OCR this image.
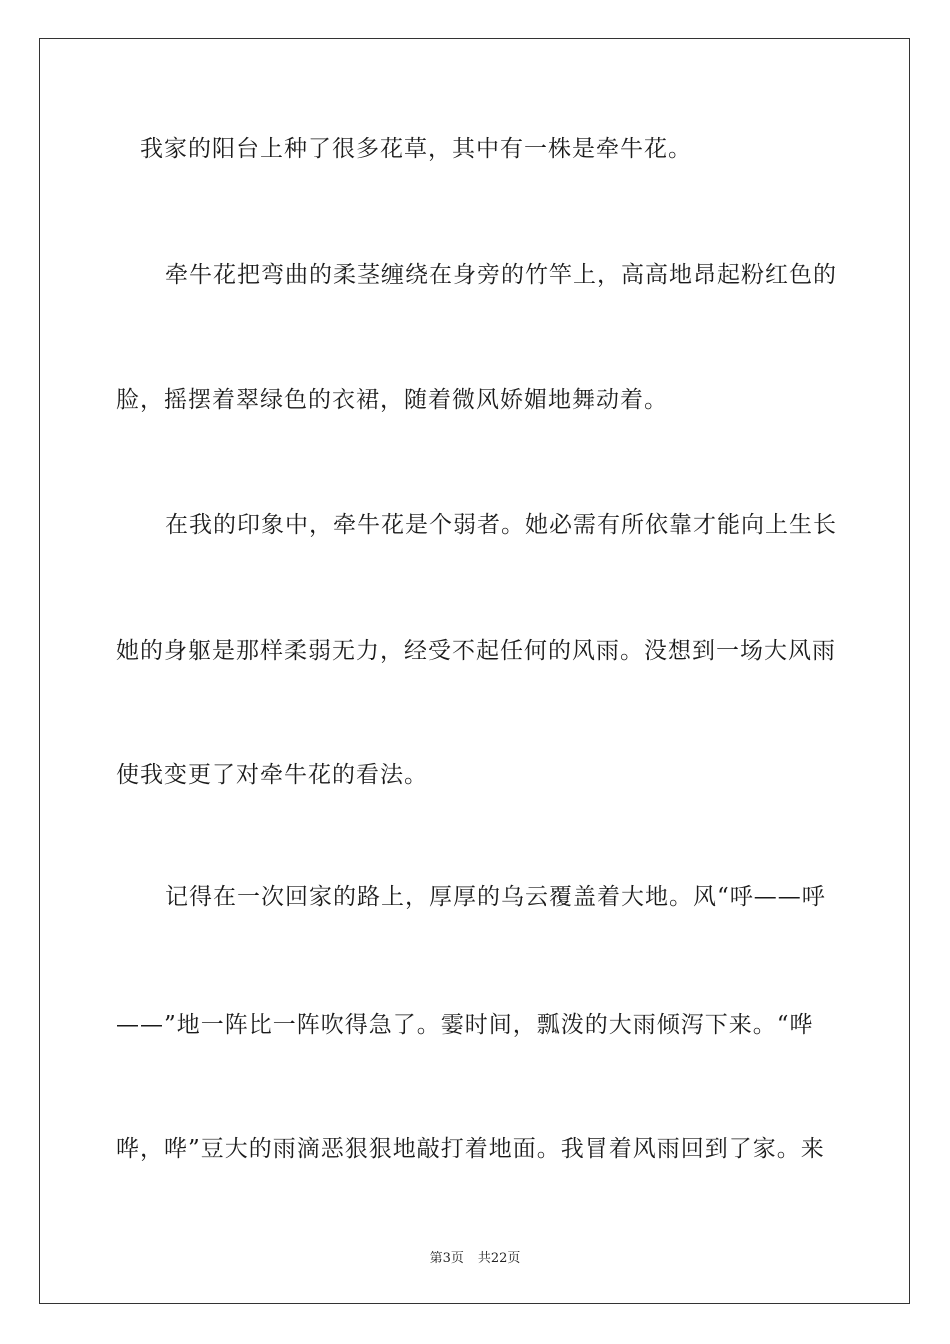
我家的阳台上种了很多花草，其中有一株是牵牛花。
牵牛花把弯曲的柔茎缠绕在身旁的竹竿上，高高地昂起粉红色的
脸，摇摆着翠绿色的衣裙，随着微风娇媚地舞动着。
在我的印象中，牵牛花是个弱者。她必需有所依靠才能向上生长
她的身躯是那样柔弱无力，经受不起任何的风雨。没想到一场大风雨
使我变更了对牵牛花的看法。
记得在一次回家的路上，厚厚的乌云覆盖着大地。风“呼——呼
——”地一阵比一阵吹得急了。霎时间，瓢泼的大雨倾泻下来。“哗
哗，哗”豆大的雨滴恶狠狠地敲打着地面。我冒着风雨回到了家。来
第3页 共22页
